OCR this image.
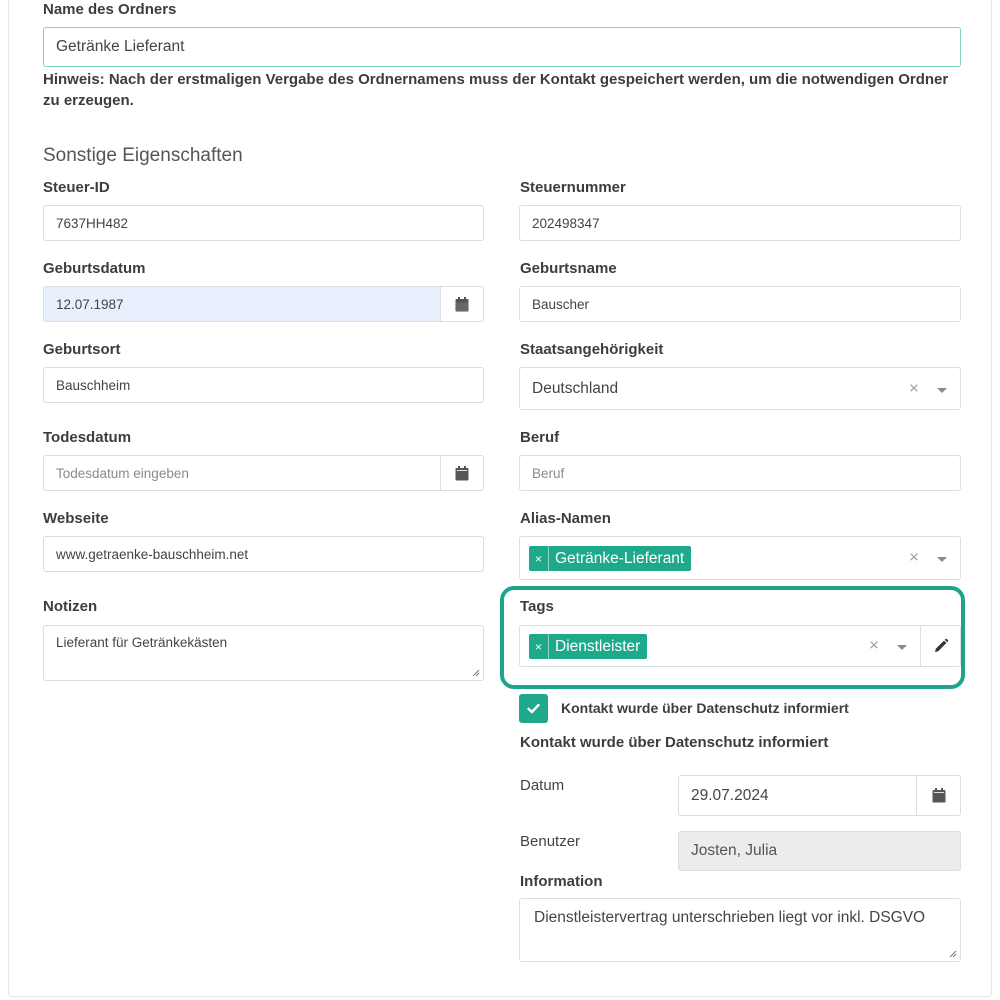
Name des Ordners
Getränke Lieferant
Hinweis: Nach der erstmaligen Vergabe des Ordnernamens muss der Kontakt gespeichert werden, um die notwendigen Ordner zu erzeugen.
Sonstige Eigenschaften
Steuer-ID
7637HH482
Steuernummer
202498347
Geburtsdatum
12.07.1987
Geburtsname
Bauscher
Geburtsort
Bauschheim
Staatsangehörigkeit
Deutschland	×
Todesdatum
Todesdatum eingeben
Beruf
Beruf
Webseite
www.getraenke-bauschheim.net
Alias-Namen
× Getränke-Lieferant	×
Notizen
Lieferant für Getränkekästen
Tags
× Dienstleister	×
Kontakt wurde über Datenschutz informiert
Kontakt wurde über Datenschutz informiert
Datum
29.07.2024
Benutzer
Josten, Julia
Information
Dienstleistervertrag unterschrieben liegt vor inkl. DSGVO
